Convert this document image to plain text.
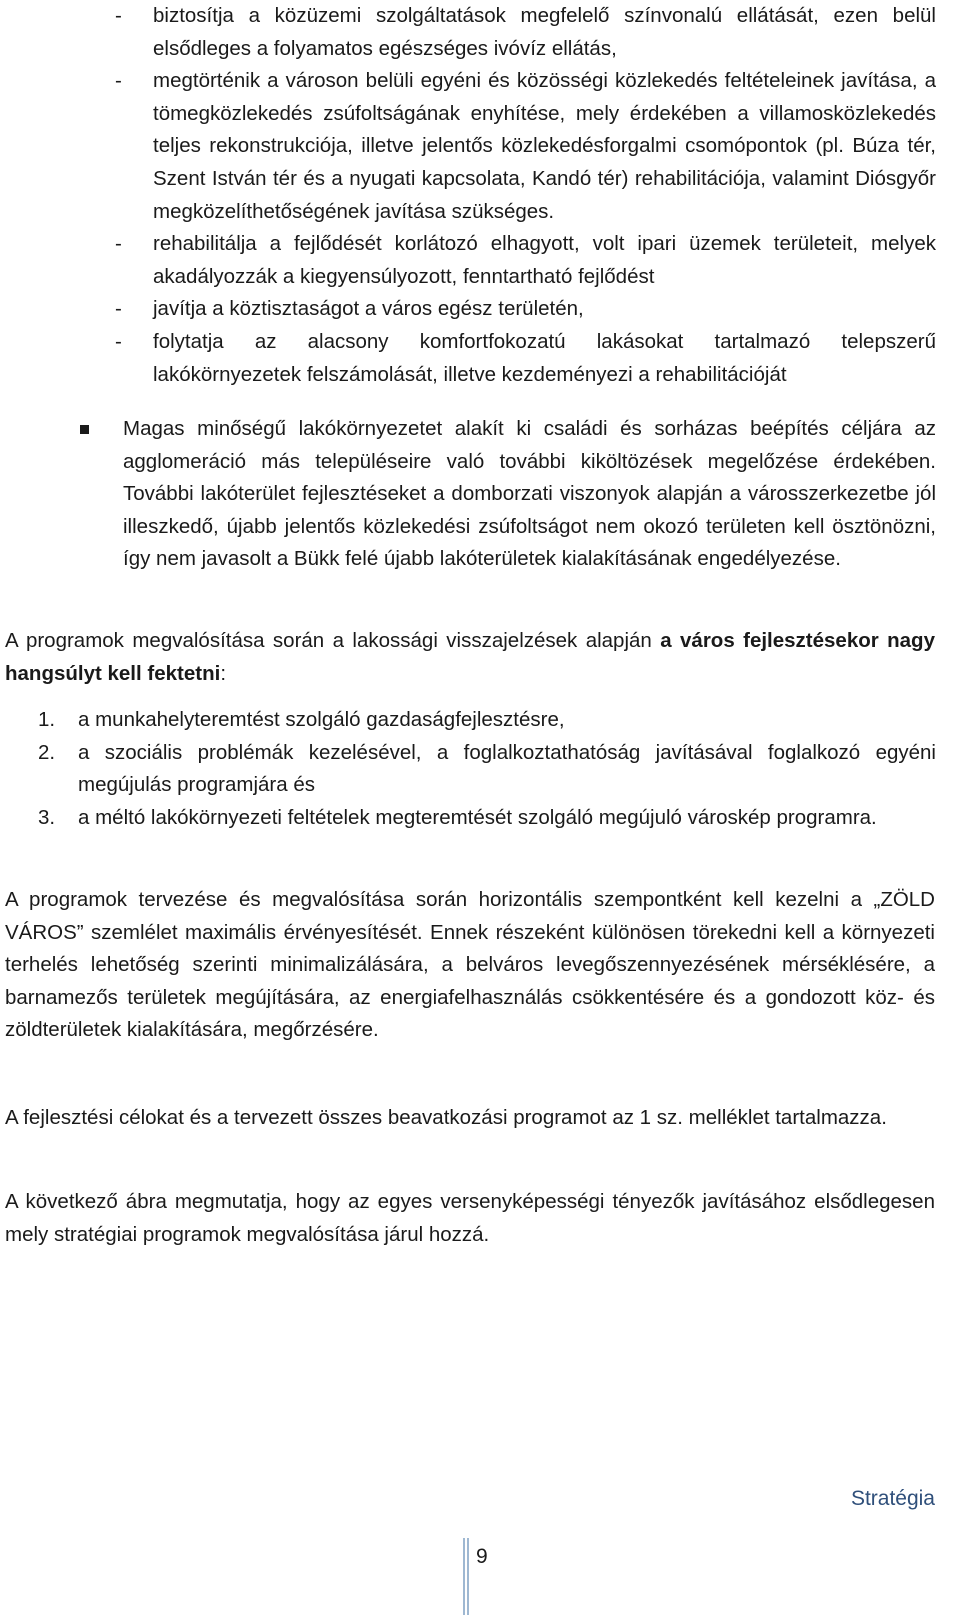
- biztosítja a közüzemi szolgáltatások megfelelő színvonalú ellátását, ezen belül elsődleges a folyamatos egészséges ivóvíz ellátás,
- megtörténik a városon belüli egyéni és közösségi közlekedés feltételeinek javítása, a tömegközlekedés zsúfoltságának enyhítése, mely érdekében a villamosközlekedés teljes rekonstrukciója, illetve jelentős közlekedésforgalmi csomópontok (pl. Búza tér, Szent István tér és a nyugati kapcsolata, Kandó tér) rehabilitációja, valamint Diósgyőr megközelíthetőségének javítása szükséges.
- rehabilitálja a fejlődését korlátozó elhagyott, volt ipari üzemek területeit, melyek akadályozzák a kiegyensúlyozott, fenntartható fejlődést
- javítja a köztisztaságot a város egész területén,
- folytatja az alacsony komfortfokozatú lakásokat tartalmazó telepszerű lakókörnyezetek felszámolását, illetve kezdeményezi a rehabilitációját
Magas minőségű lakókörnyezetet alakít ki családi és sorházas beépítés céljára az agglomeráció más településeire való további kiköltözések megelőzése érdekében. További lakóterület fejlesztéseket a domborzati viszonyok alapján a városszerkezetbe jól illeszkedő, újabb jelentős közlekedési zsúfoltságot nem okozó területen kell ösztönözni, így nem javasolt a Bükk felé újabb lakóterületek kialakításának engedélyezése.
A programok megvalósítása során a lakossági visszajelzések alapján a város fejlesztésekor nagy hangsúlyt kell fektetni:
1. a munkahelyteremtést szolgáló gazdaságfejlesztésre,
2. a szociális problémák kezelésével, a foglalkoztathatóság javításával foglalkozó egyéni megújulás programjára és
3. a méltó lakókörnyezeti feltételek megteremtését szolgáló megújuló városkép programra.
A programok tervezése és megvalósítása során horizontális szempontként kell kezelni a „ZÖLD VÁROS” szemlélet maximális érvényesítését. Ennek részeként különösen törekedni kell a környezeti terhelés lehetőség szerinti minimalizálására, a belváros levegőszennyezésének mérséklésére, a barnamezős területek megújítására, az energiafelhasználás csökkentésére és a gondozott köz- és zöldterületek kialakítására, megőrzésére.
A fejlesztési célokat és a tervezett összes beavatkozási programot az 1 sz. melléklet tartalmazza.
A következő ábra megmutatja, hogy az egyes versenyképességi tényezők javításához elsődlegesen mely stratégiai programok megvalósítása járul hozzá.
Stratégia
9
